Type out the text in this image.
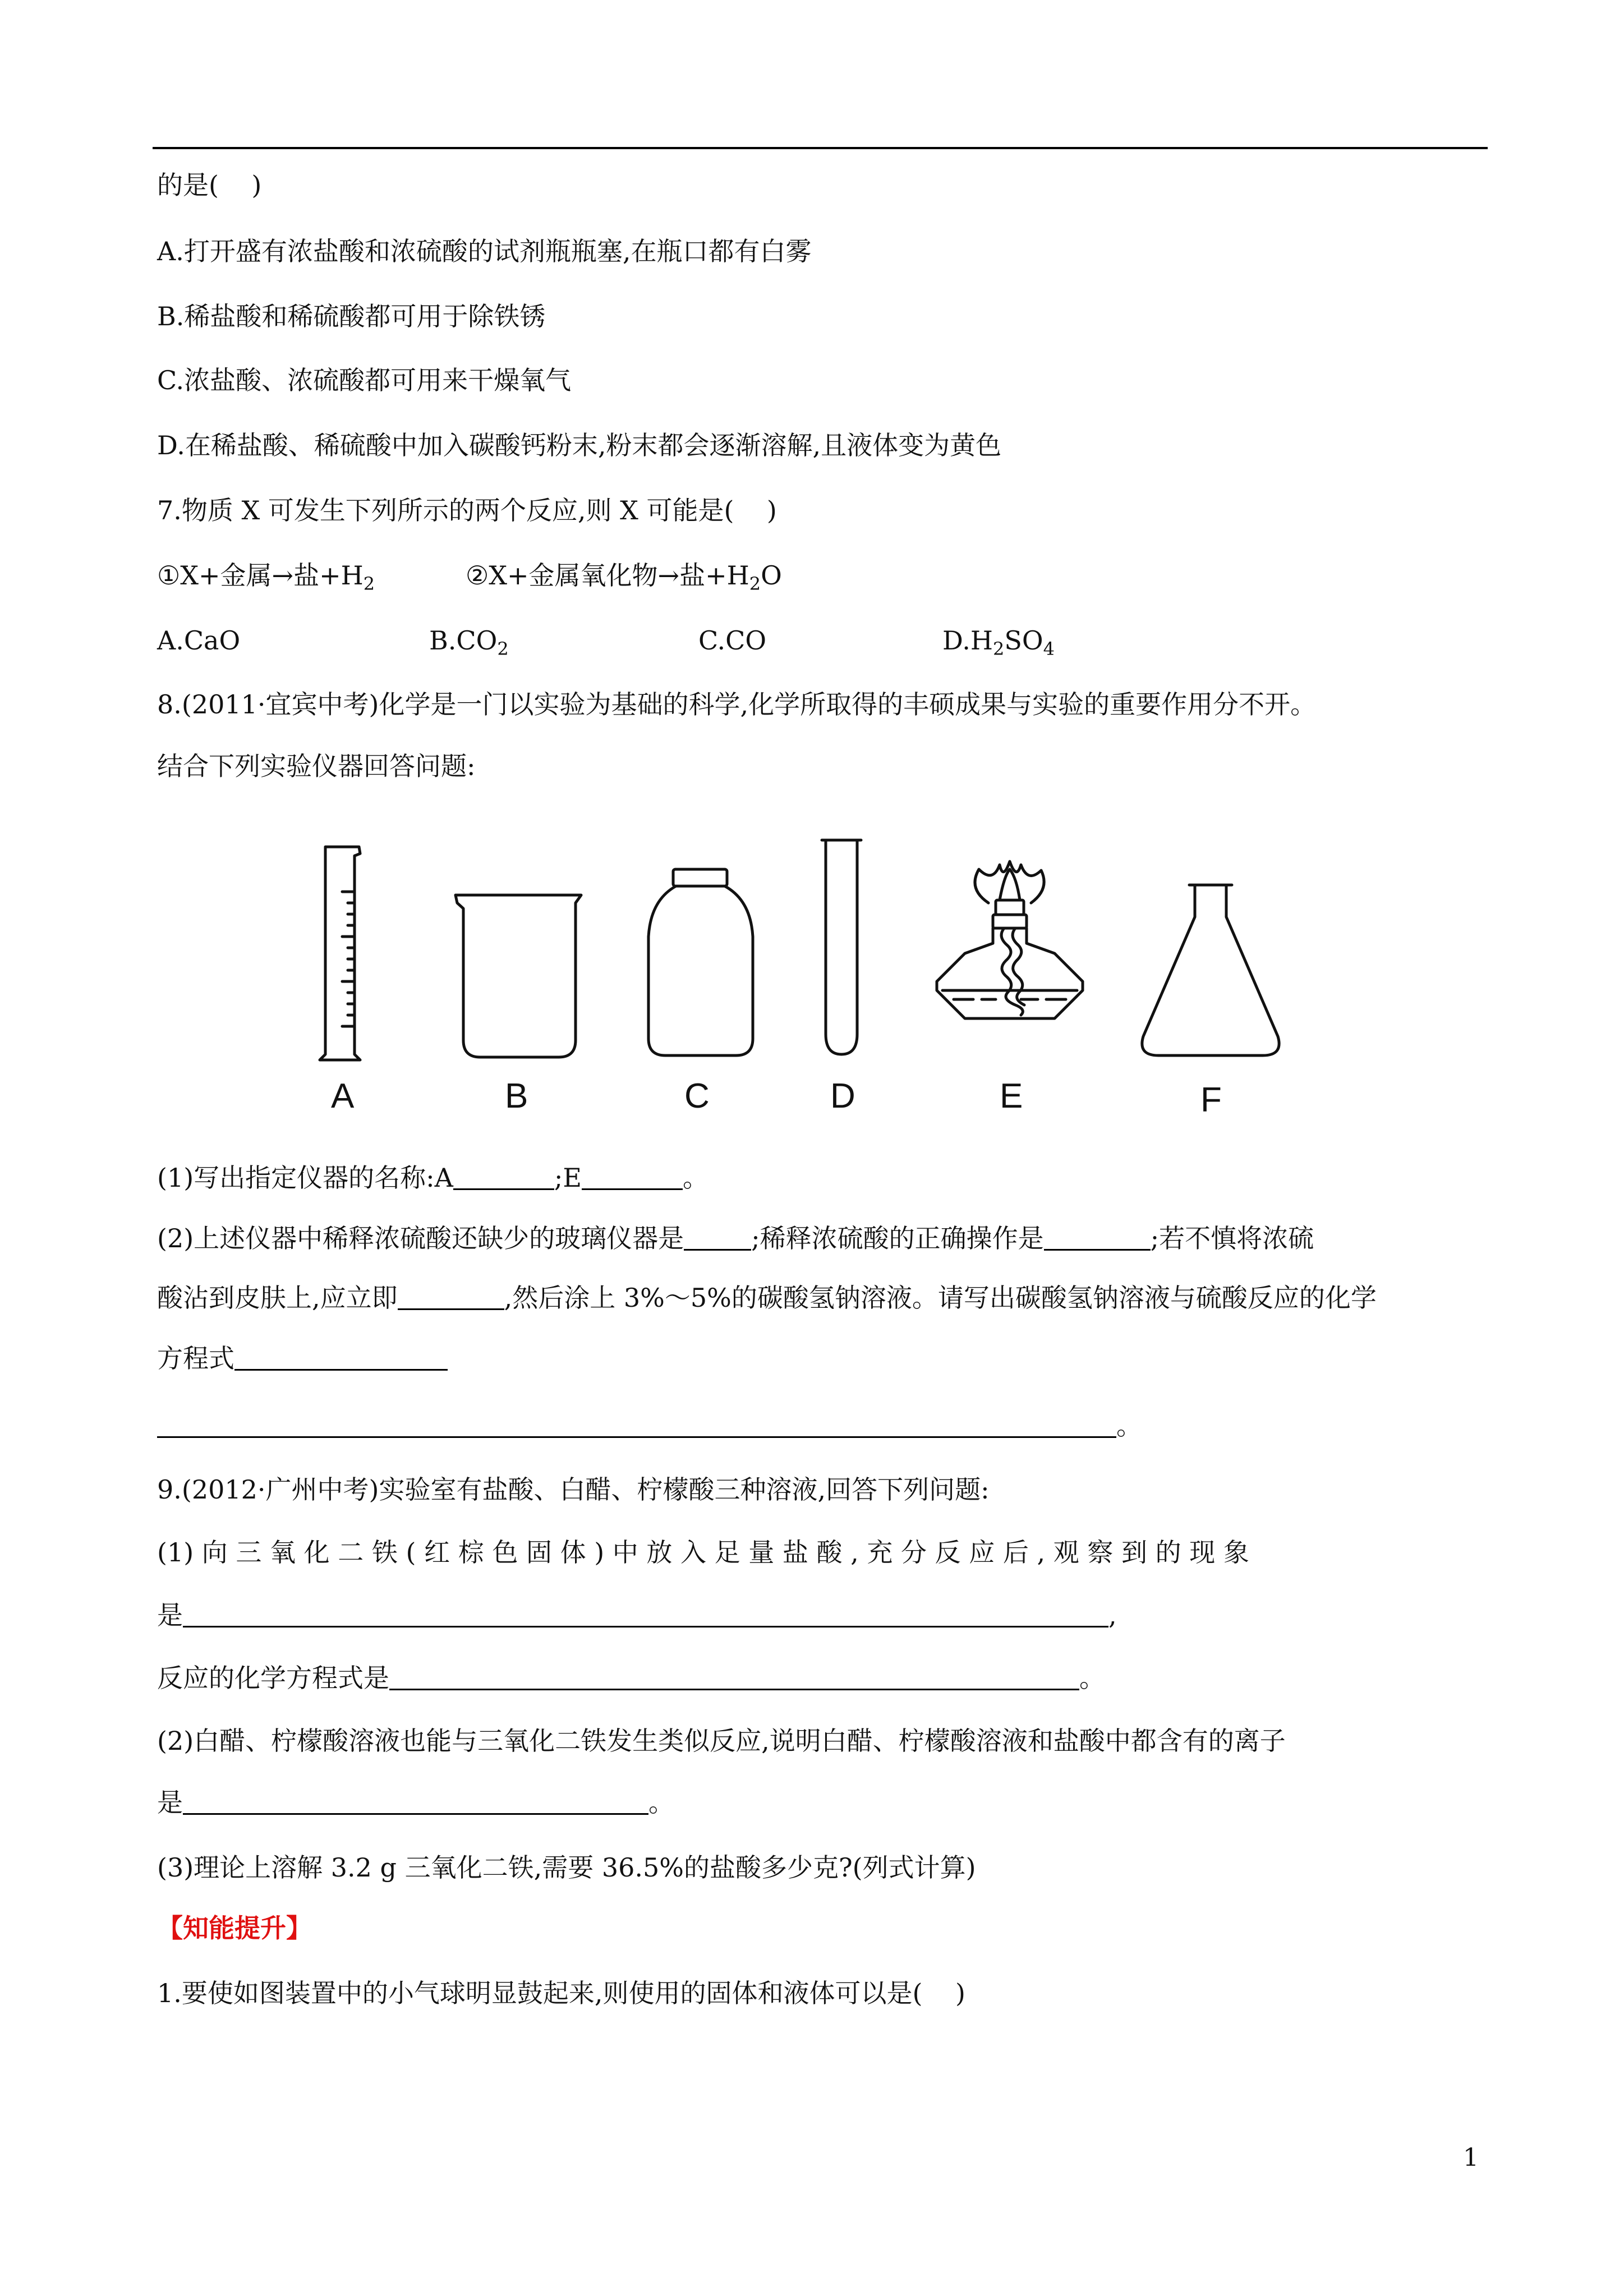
的是(    )
A.打开盛有浓盐酸和浓硫酸的试剂瓶瓶塞,在瓶口都有白雾
B.稀盐酸和稀硫酸都可用于除铁锈
C.浓盐酸、浓硫酸都可用来干燥氧气
D.在稀盐酸、稀硫酸中加入碳酸钙粉末,粉末都会逐渐溶解,且液体变为黄色
7.物质 X 可发生下列所示的两个反应,则 X 可能是(    )
①X+金属→盐$+H_2$	②X+金属氧化物→盐$+H_2O$
A.CaO	$B.CO_2$	C.CO	$D.H_2SO_4$
8.(2011·宜宾中考)化学是一门以实验为基础的科学,化学所取得的丰硕成果与实验的重要作用分不开。
结合下列实验仪器回答问题:
A	B	C	D	E	F
(1)写出指定仪器的名称:A	;E	。
(2)上述仪器中稀释浓硫酸还缺少的玻璃仪器是	;稀释浓硫酸的正确操作是	;若不慎将浓硫
酸沾到皮肤上,应立即	,然后涂上 3%～5%的碳酸氢钠溶液。请写出碳酸氢钠溶液与硫酸反应的化学
方程式
。
9.(2012·广州中考)实验室有盐酸、白醋、柠檬酸三种溶液,回答下列问题:
(1) 向 三 氧 化 二 铁 ( 红 棕 色 固 体 ) 中 放 入 足 量 盐 酸 , 充 分 反 应 后 , 观 察 到 的 现 象
是	,
反应的化学方程式是	。
(2)白醋、柠檬酸溶液也能与三氧化二铁发生类似反应,说明白醋、柠檬酸溶液和盐酸中都含有的离子
是	。
(3)理论上溶解 3.2 g 三氧化二铁,需要 36.5%的盐酸多少克?(列式计算)
【知能提升】
1.要使如图装置中的小气球明显鼓起来,则使用的固体和液体可以是(    )
1
